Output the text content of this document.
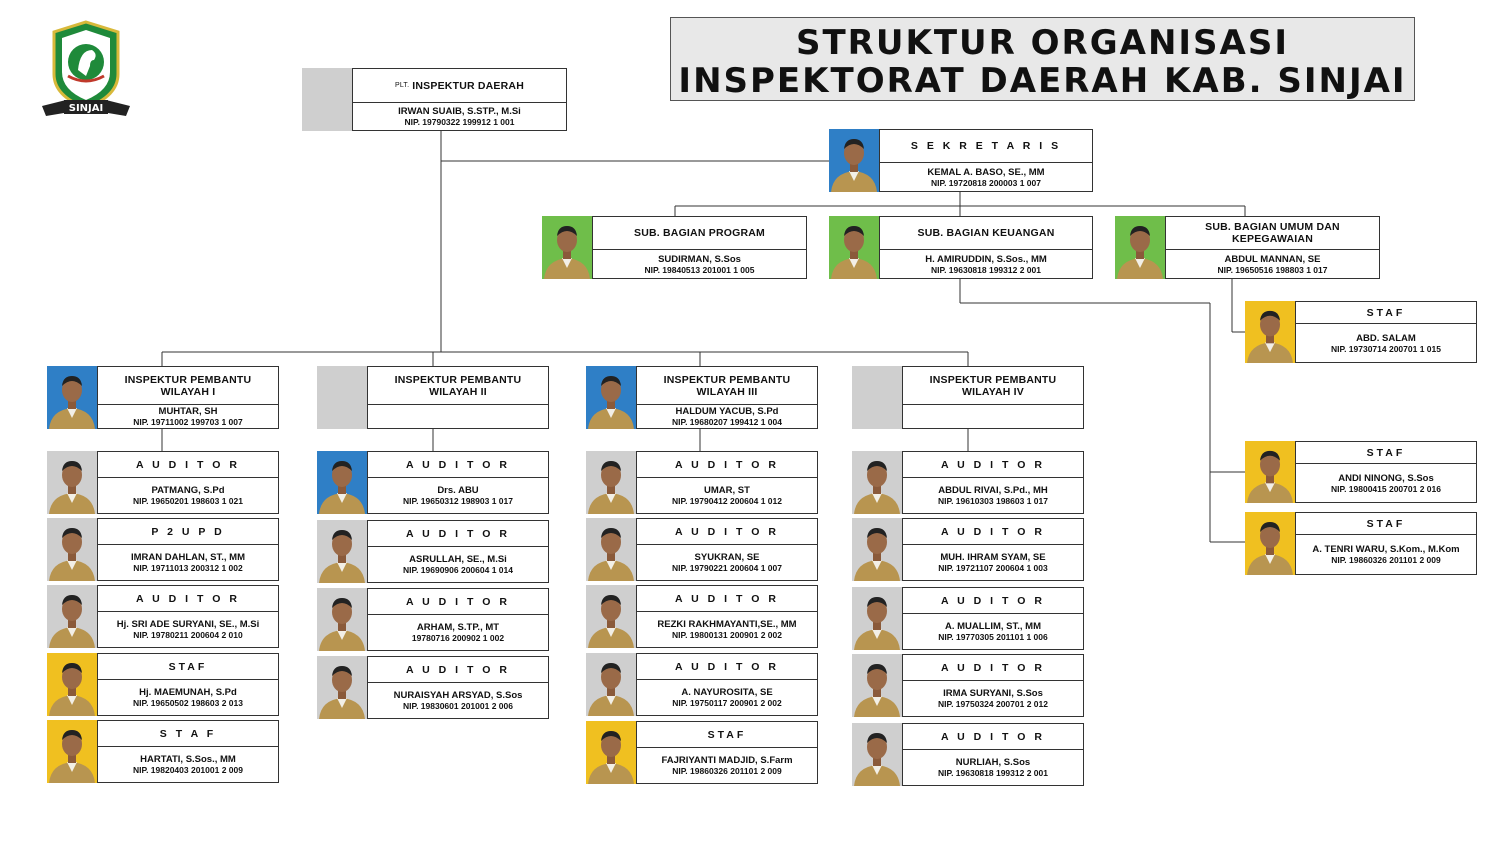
SINJAI
STRUKTUR ORGANISASI
INSPEKTORAT DAERAH KAB. SINJAI
PLT. INSPEKTUR DAERAH
IRWAN SUAIB, S.STP., M.Si
NIP. 19790322 199912 1 001
S E K R E T A R I S
KEMAL A. BASO, SE., MM
NIP. 19720818 200003 1 007
SUB. BAGIAN PROGRAM
SUDIRMAN, S.Sos
NIP. 19840513 201001 1 005
SUB. BAGIAN KEUANGAN
H. AMIRUDDIN, S.Sos., MM
NIP. 19630818 199312 2 001
SUB. BAGIAN UMUM DAN KEPEGAWAIAN
ABDUL MANNAN, SE
NIP. 19650516 198803 1 017
STAF
ABD. SALAM
NIP. 19730714 200701 1 015
STAF
ANDI NINONG, S.Sos
NIP. 19800415 200701 2 016
STAF
A. TENRI WARU, S.Kom., M.Kom
NIP. 19860326 201101 2 009
INSPEKTUR PEMBANTU WILAYAH I
MUHTAR, SH
NIP. 19711002 199703 1 007
INSPEKTUR PEMBANTU WILAYAH II
INSPEKTUR PEMBANTU WILAYAH III
HALDUM YACUB, S.Pd
NIP. 19680207 199412 1 004
INSPEKTUR PEMBANTU WILAYAH IV
A U D I T O R
PATMANG, S.Pd
NIP. 19650201 198603 1 021
P 2 U P D
IMRAN DAHLAN, ST., MM
NIP. 19711013 200312 1 002
A U D I T O R
Hj. SRI ADE SURYANI, SE., M.Si
NIP. 19780211 200604 2 010
STAF
Hj. MAEMUNAH, S.Pd
NIP. 19650502 198603 2 013
S T A F
HARTATI, S.Sos., MM
NIP. 19820403 201001 2 009
A U D I T O R
Drs. ABU
NIP. 19650312 198903 1 017
A U D I T O R
ASRULLAH, SE., M.Si
NIP. 19690906 200604 1 014
A U D I T O R
ARHAM, S.TP., MT
19780716 200902 1 002
A U D I T O R
NURAISYAH ARSYAD, S.Sos
NIP. 19830601 201001 2 006
A U D I T O R
UMAR, ST
NIP. 19790412 200604 1 012
A U D I T O R
SYUKRAN, SE
NIP. 19790221 200604 1 007
A U D I T O R
REZKI RAKHMAYANTI,SE., MM
NIP. 19800131 200901 2 002
A U D I T O R
A. NAYUROSITA, SE
NIP. 19750117 200901 2 002
STAF
FAJRIYANTI MADJID, S.Farm
NIP. 19860326 201101 2 009
A U D I T O R
ABDUL RIVAI, S.Pd., MH
NIP. 19610303 198603 1 017
A U D I T O R
MUH. IHRAM SYAM, SE
NIP. 19721107 200604 1 003
A U D I T O R
A. MUALLIM, ST., MM
NIP. 19770305 201101 1 006
A U D I T O R
IRMA SURYANI, S.Sos
NIP. 19750324 200701 2 012
A U D I T O R
NURLIAH, S.Sos
NIP. 19630818 199312 2 001
